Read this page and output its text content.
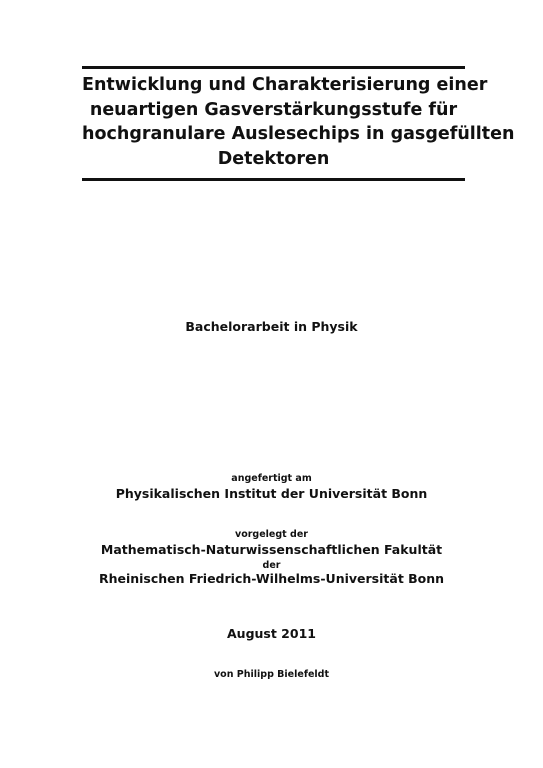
Entwicklung und Charakterisierung einer
neuartigen Gasverstärkungsstufe für
hochgranulare Auslesechips in gasgefüllten
Detektoren
Bachelorarbeit in Physik
angefertigt am
Physikalischen Institut der Universität Bonn
vorgelegt der
Mathematisch-Naturwissenschaftlichen Fakultät
der
Rheinischen Friedrich-Wilhelms-Universität Bonn
August 2011
von Philipp Bielefeldt
